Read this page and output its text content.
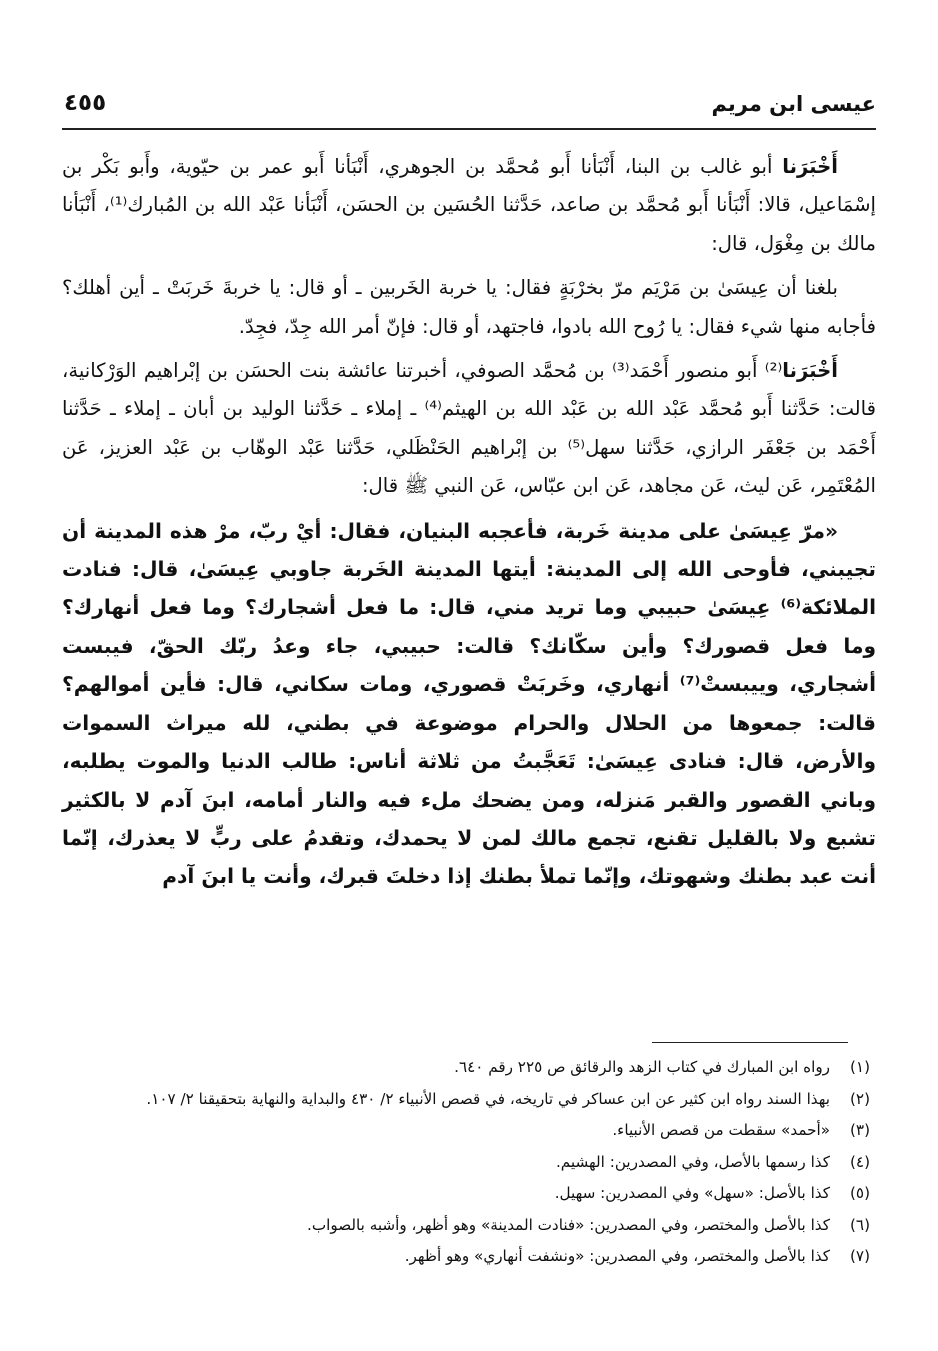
عيسى ابن مريم
٤٥٥

أَخْبَرَنا أبو غالب بن البنا، أَنْبَأنا أَبو مُحمَّد بن الجوهري، أَنْبَأنا أَبو عمر بن حيّوية، وأَبو بَكْر بن إسْمَاعيل، قالا: أَنْبَأنا أَبو مُحمَّد بن صاعد، حَدَّثنا الحُسَين بن الحسَن، أَنْبَأنا عَبْد الله بن المُبارك⁽¹⁾، أَنْبَأنا مالك بن مِغْوَل، قال:

بلغنا أن عِيسَىٰ بن مَرْيَم مرّ بخرْبَةٍ فقال: يا خربة الخَربين ـ أو قال: يا خربةَ خَربَتْ ـ أين أهلك؟ فأجابه منها شيء فقال: يا رُوح الله بادوا، فاجتهد، أو قال: فإنّ أمر الله جِدّ، فجِدّ.

أَخْبَرَنا⁽²⁾ أَبو منصور أَحْمَد⁽³⁾ بن مُحمَّد الصوفي، أخبرتنا عائشة بنت الحسَن بن إبْراهيم الوَرْكانية، قالت: حَدَّثنا أَبو مُحمَّد عَبْد الله بن عَبْد الله بن الهيثم⁽⁴⁾ ـ إملاء ـ حَدَّثنا الوليد بن أبان ـ إملاء ـ حَدَّثنا أَحْمَد بن جَعْفَر الرازي، حَدَّثنا سهل⁽⁵⁾ بن إبْراهيم الحَنْظَلي، حَدَّثنا عَبْد الوهّاب بن عَبْد العزيز، عَن المُعْتَمِر، عَن ليث، عَن مجاهد، عَن ابن عبّاس، عَن النبي ﷺ قال:

«مرّ عِيسَىٰ على مدينة خَربة، فأعجبه البنيان، فقال: أيْ ربّ، مرْ هذه المدينة أن تجيبني، فأوحى الله إلى المدينة: أيتها المدينة الخَربة جاوبي عِيسَىٰ، قال: فنادت الملائكة⁽⁶⁾ عِيسَىٰ حبيبي وما تريد مني، قال: ما فعل أشجارك؟ وما فعل أنهارك؟ وما فعل قصورك؟ وأين سكّانك؟ قالت: حبيبي، جاء وعدُ ربّك الحقّ، فيبست أشجاري، وييبستْ⁽⁷⁾ أنهاري، وخَربَتْ قصوري، ومات سكاني، قال: فأين أموالهم؟ قالت: جمعوها من الحلال والحرام موضوعة في بطني، لله ميراث السموات والأرض، قال: فنادى عِيسَىٰ: تَعَجَّبتُ من ثلاثة أناس: طالب الدنيا والموت يطلبه، وباني القصور والقبر مَنزله، ومن يضحك ملء فيه والنار أمامه، ابنَ آدم لا بالكثير تشبع ولا بالقليل تقنع، تجمع مالك لمن لا يحمدك، وتقدمُ على ربٍّ لا يعذرك، إنّما أنت عبد بطنك وشهوتك، وإنّما تملأ بطنك إذا دخلتَ قبرك، وأنت يا ابنَ آدم

(١)
رواه ابن المبارك في كتاب الزهد والرقائق ص ٢٢٥ رقم ٦٤٠.
(٢)
بهذا السند رواه ابن كثير عن ابن عساكر في تاريخه، في قصص الأنبياء ٢/ ٤٣٠ والبداية والنهاية بتحقيقنا ٢/ ١٠٧.
(٣)
«أحمد» سقطت من قصص الأنبياء.
(٤)
كذا رسمها بالأصل، وفي المصدرين: الهشيم.
(٥)
كذا بالأصل: «سهل» وفي المصدرين: سهيل.
(٦)
كذا بالأصل والمختصر، وفي المصدرين: «فنادت المدينة» وهو أظهر، وأشبه بالصواب.
(٧)
كذا بالأصل والمختصر، وفي المصدرين: «ونشفت أنهاري» وهو أظهر.
